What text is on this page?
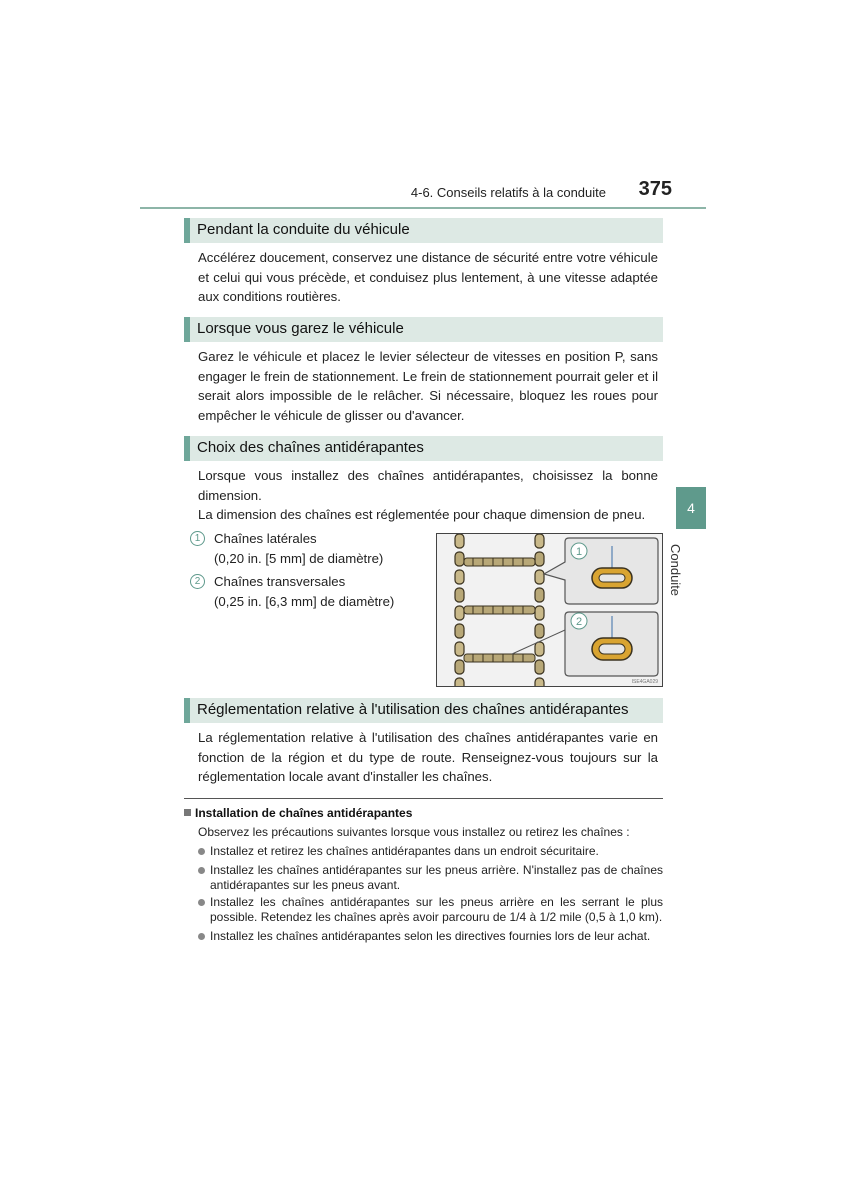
4-6. Conseils relatifs à la conduite	375
4
Conduite
Pendant la conduite du véhicule

Accélérez doucement, conservez une distance de sécurité entre votre véhicule et celui qui vous précède, et conduisez plus lentement, à une vitesse adaptée aux conditions routières.

Lorsque vous garez le véhicule

Garez le véhicule et placez le levier sélecteur de vitesses en position P, sans engager le frein de stationnement. Le frein de stationnement pourrait geler et il serait alors impossible de le relâcher. Si nécessaire, bloquez les roues pour empêcher le véhicule de glisser ou d'avancer.

Choix des chaînes antidérapantes

Lorsque vous installez des chaînes antidérapantes, choisissez la bonne dimension.

La dimension des chaînes est réglementée pour chaque dimension de pneu.

1	Chaînes latérales
(0,20 in. [5 mm] de diamètre)
2	Chaînes transversales
(0,25 in. [6,3 mm] de diamètre)
1
2
ISE4GA029
Réglementation relative à l'utilisation des chaînes antidérapantes

La réglementation relative à l'utilisation des chaînes antidérapantes varie en fonction de la région et du type de route. Renseignez-vous toujours sur la réglementation locale avant d'installer les chaînes.

Installation de chaînes antidérapantes
Observez les précautions suivantes lorsque vous installez ou retirez les chaînes :
Installez et retirez les chaînes antidérapantes dans un endroit sécuritaire.
Installez les chaînes antidérapantes sur les pneus arrière. N'installez pas de chaînes antidérapantes sur les pneus avant.
Installez les chaînes antidérapantes sur les pneus arrière en les serrant le plus possible. Retendez les chaînes après avoir parcouru de 1/4 à 1/2 mile (0,5 à 1,0 km).
Installez les chaînes antidérapantes selon les directives fournies lors de leur achat.
